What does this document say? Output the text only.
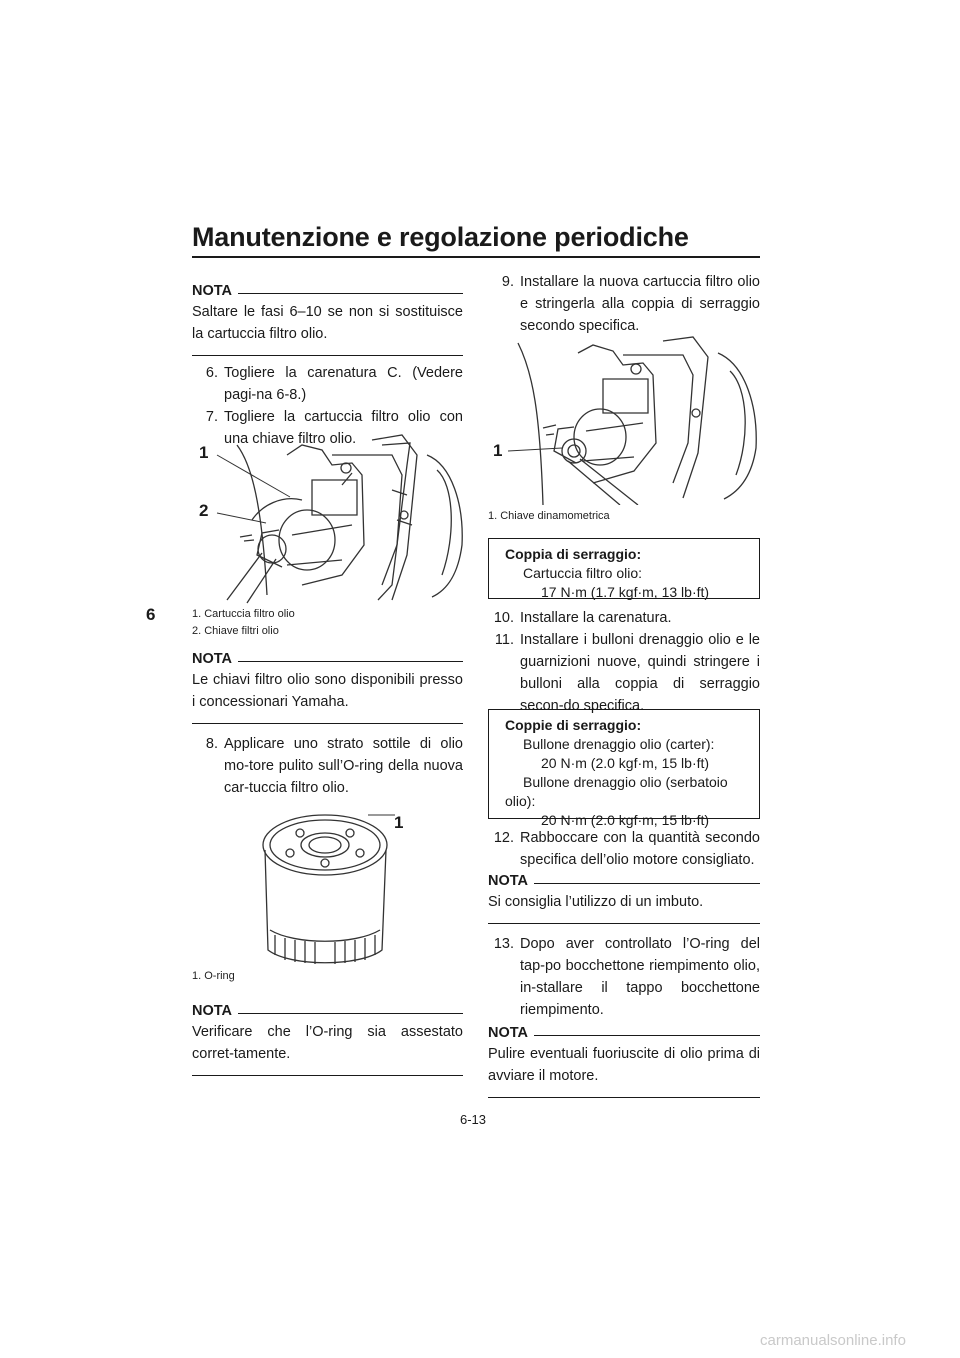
Manutenzione e regolazione periodiche
6
NOTA
Saltare le fasi 6–10 se non si sostituisce la cartuccia filtro olio.
6. Togliere la carenatura C. (Vedere pagi-na 6-8.)
7. Togliere la cartuccia filtro olio con una chiave filtro olio.
1
2
1. Cartuccia filtro olio
2. Chiave filtri olio
NOTA
Le chiavi filtro olio sono disponibili presso i concessionari Yamaha.
8. Applicare uno strato sottile di olio mo-tore pulito sull’O-ring della nuova car-tuccia filtro olio.
1
1. O-ring
NOTA
Verificare che l’O-ring sia assestato corret-tamente.
9. Installare la nuova cartuccia filtro olio e stringerla alla coppia di serraggio secondo specifica.
1
1. Chiave dinamometrica
Coppia di serraggio:
Cartuccia filtro olio:
17 N·m (1.7 kgf·m, 13 lb·ft)
10. Installare la carenatura.
11. Installare i bulloni drenaggio olio e le guarnizioni nuove, quindi stringere i bulloni alla coppia di serraggio secon-do specifica.
Coppie di serraggio:
Bullone drenaggio olio (carter):
20 N·m (2.0 kgf·m, 15 lb·ft)
Bullone drenaggio olio (serbatoio
olio):
20 N·m (2.0 kgf·m, 15 lb·ft)
12. Rabboccare con la quantità secondo specifica dell’olio motore consigliato.
NOTA
Si consiglia l’utilizzo di un imbuto.
13. Dopo aver controllato l’O-ring del tap-po bocchettone riempimento olio, in-stallare il tappo bocchettone riempimento.
NOTA
Pulire eventuali fuoriuscite di olio prima di avviare il motore.
6-13
carmanualsonline.info
